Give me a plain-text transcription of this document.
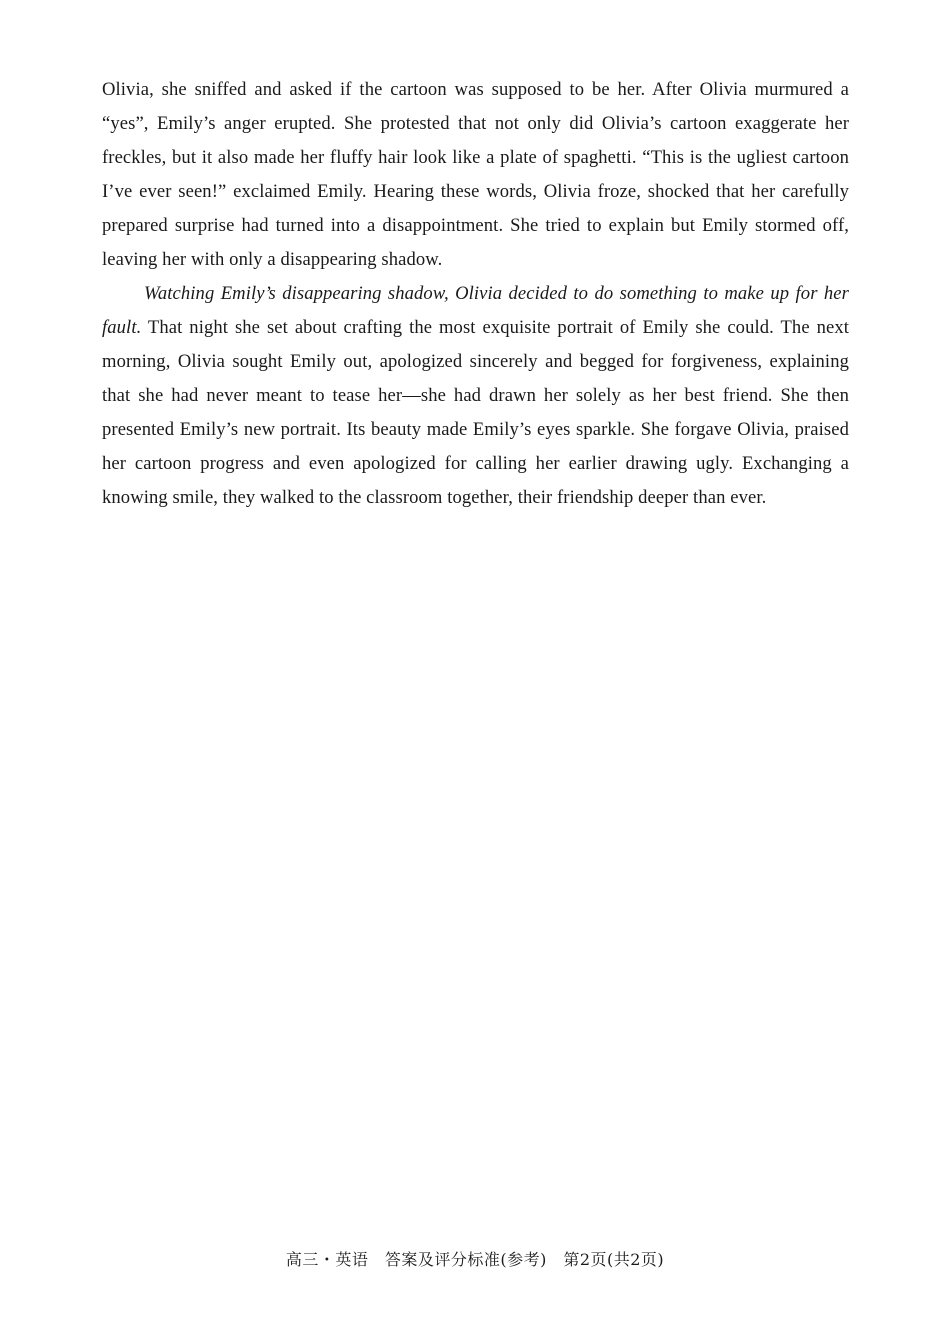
Olivia, she sniffed and asked if the cartoon was supposed to be her. After Olivia murmured a “yes”, Emily’s anger erupted. She protested that not only did Olivia’s cartoon exaggerate her freckles, but it also made her fluffy hair look like a plate of spaghetti. “This is the ugliest cartoon I’ve ever seen!” exclaimed Emily. Hearing these words, Olivia froze, shocked that her carefully prepared surprise had turned into a disappointment. She tried to explain but Emily stormed off, leaving her with only a disappearing shadow.

Watching Emily’s disappearing shadow, Olivia decided to do something to make up for her fault. That night she set about crafting the most exquisite portrait of Emily she could. The next morning, Olivia sought Emily out, apologized sincerely and begged for forgiveness, explaining that she had never meant to tease her—she had drawn her solely as her best friend. She then presented Emily’s new portrait. Its beauty made Emily’s eyes sparkle. She forgave Olivia, praised her cartoon progress and even apologized for calling her earlier drawing ugly. Exchanging a knowing smile, they walked to the classroom together, their friendship deeper than ever.

高三・英语　答案及评分标准(参考)　第2页(共2页)
